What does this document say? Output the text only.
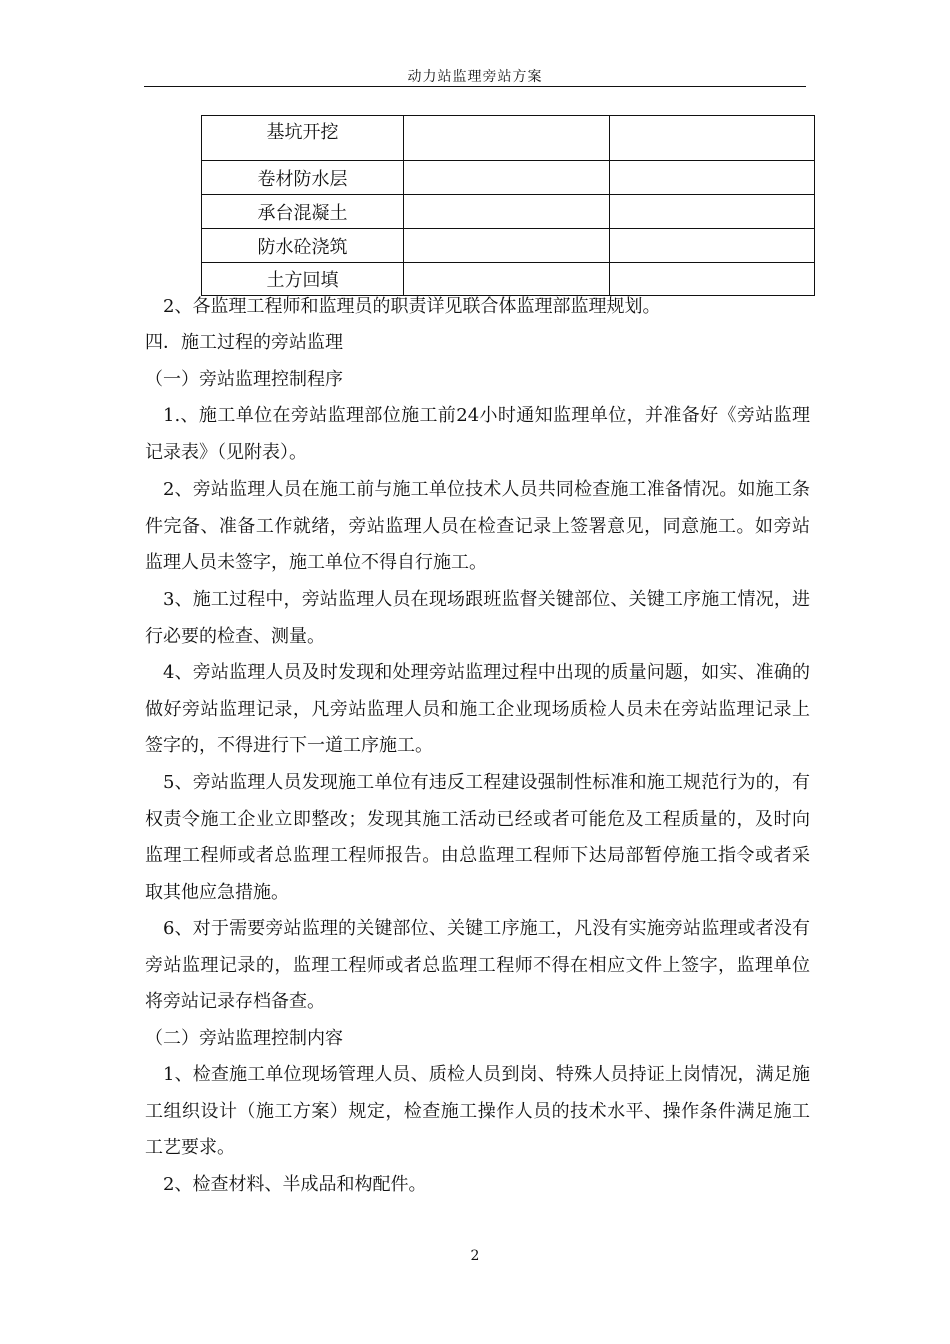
动力站监理旁站方案
基坑开挖		
卷材防水层		
承台混凝土		
防水砼浇筑		
土方回填		

2、各监理工程师和监理员的职责详见联合体监理部监理规划。

四．施工过程的旁站监理

（一）旁站监理控制程序

1.、施工单位在旁站监理部位施工前24小时通知监理单位，并准备好《旁站监理记录表》（见附表）。

2、旁站监理人员在施工前与施工单位技术人员共同检查施工准备情况。如施工条件完备、准备工作就绪，旁站监理人员在检查记录上签署意见，同意施工。如旁站监理人员未签字，施工单位不得自行施工。

3、施工过程中，旁站监理人员在现场跟班监督关键部位、关键工序施工情况，进行必要的检查、测量。

4、旁站监理人员及时发现和处理旁站监理过程中出现的质量问题，如实、准确的做好旁站监理记录，凡旁站监理人员和施工企业现场质检人员未在旁站监理记录上签字的，不得进行下一道工序施工。

5、旁站监理人员发现施工单位有违反工程建设强制性标准和施工规范行为的，有权责令施工企业立即整改；发现其施工活动已经或者可能危及工程质量的，及时向监理工程师或者总监理工程师报告。由总监理工程师下达局部暂停施工指令或者采取其他应急措施。

6、对于需要旁站监理的关键部位、关键工序施工，凡没有实施旁站监理或者没有旁站监理记录的，监理工程师或者总监理工程师不得在相应文件上签字，监理单位将旁站记录存档备查。

（二）旁站监理控制内容

1、检查施工单位现场管理人员、质检人员到岗、特殊人员持证上岗情况，满足施工组织设计（施工方案）规定，检查施工操作人员的技术水平、操作条件满足施工工艺要求。

2、检查材料、半成品和构配件。

2
